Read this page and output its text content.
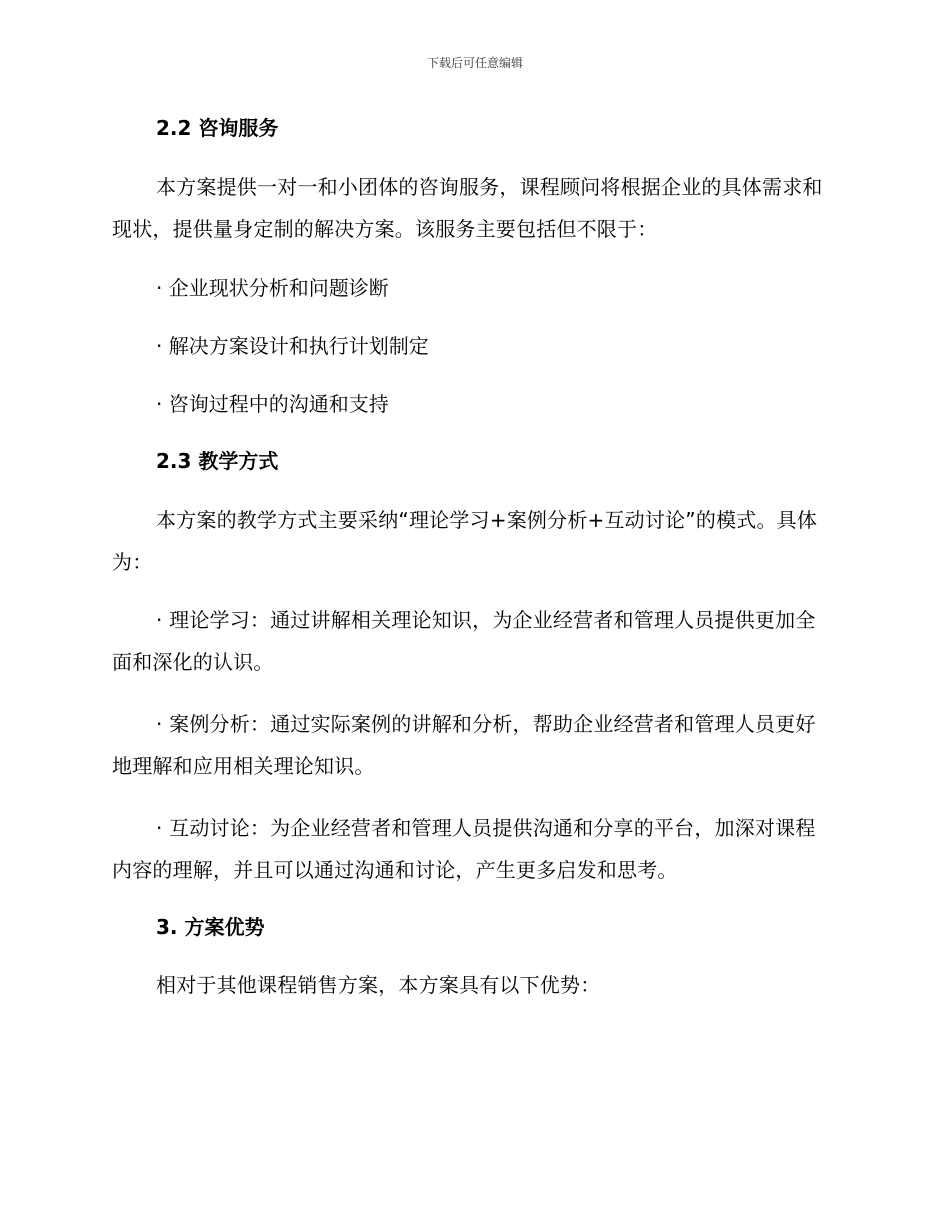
下载后可任意编辑
2.2 咨询服务
本方案提供一对一和小团体的咨询服务，课程顾问将根据企业的具体需求和现状，提供量身定制的解决方案。该服务主要包括但不限于：
· 企业现状分析和问题诊断
· 解决方案设计和执行计划制定
· 咨询过程中的沟通和支持
2.3 教学方式
本方案的教学方式主要采纳“理论学习+案例分析+互动讨论”的模式。具体为：
· 理论学习：通过讲解相关理论知识，为企业经营者和管理人员提供更加全面和深化的认识。
· 案例分析：通过实际案例的讲解和分析，帮助企业经营者和管理人员更好地理解和应用相关理论知识。
· 互动讨论：为企业经营者和管理人员提供沟通和分享的平台，加深对课程内容的理解，并且可以通过沟通和讨论，产生更多启发和思考。
3. 方案优势
相对于其他课程销售方案，本方案具有以下优势：
